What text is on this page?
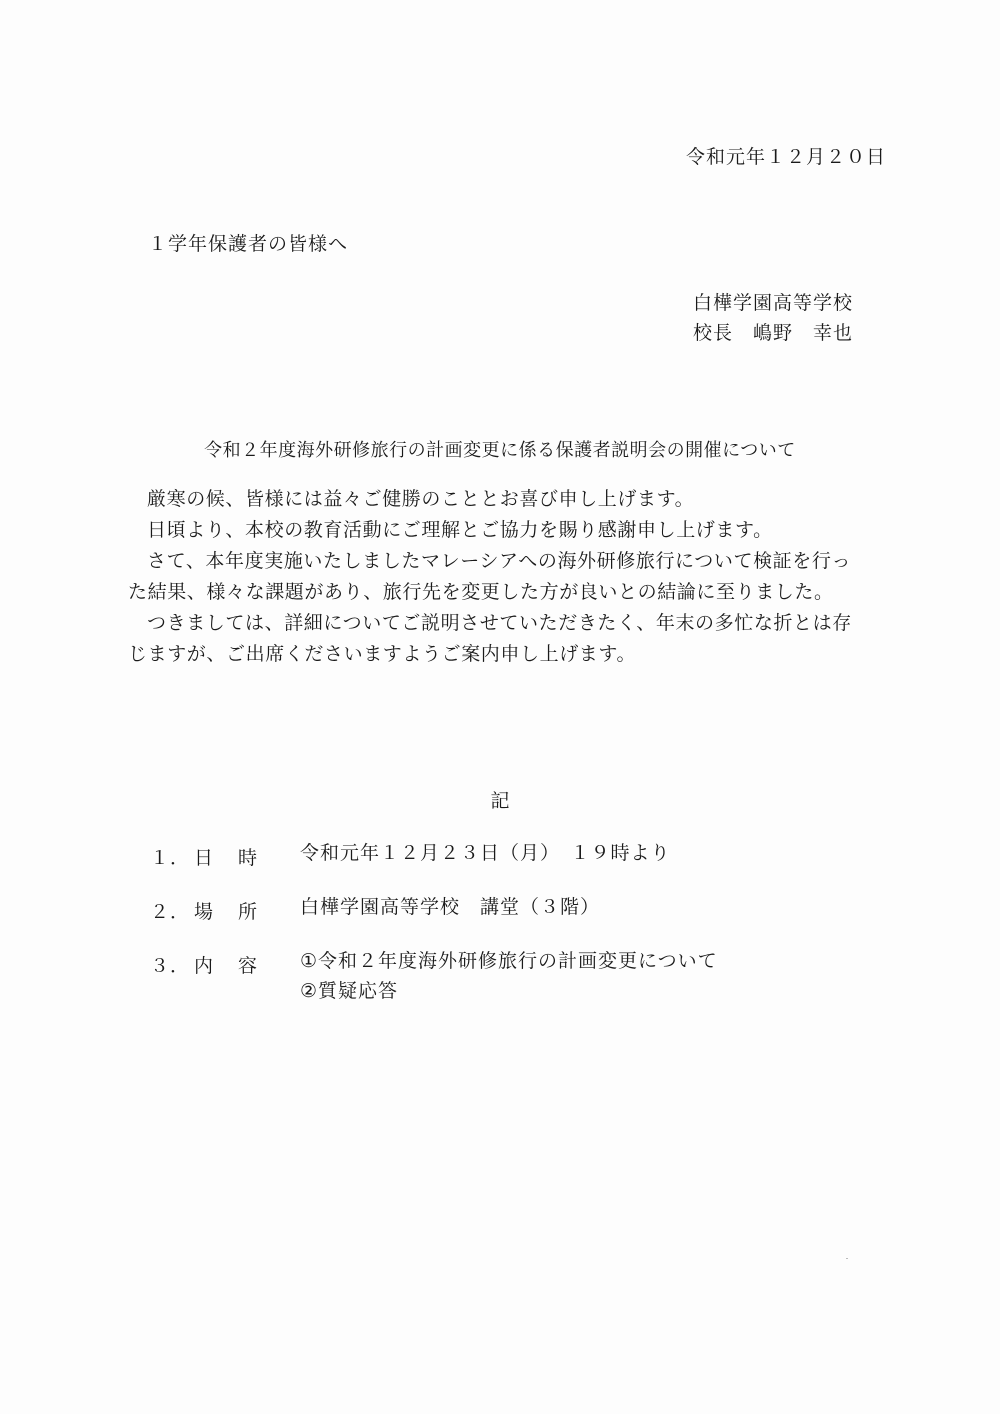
令和元年１２月２０日
１学年保護者の皆様へ
白樺学園高等学校
校長　嶋野　幸也
令和２年度海外研修旅行の計画変更に係る保護者説明会の開催について

厳寒の候、皆様には益々ご健勝のこととお喜び申し上げます。

日頃より、本校の教育活動にご理解とご協力を賜り感謝申し上げます。

さて、本年度実施いたしましたマレーシアへの海外研修旅行について検証を行っ

た結果、様々な課題があり、旅行先を変更した方が良いとの結論に至りました。

つきましては、詳細についてご説明させていただきたく、年末の多忙な折とは存

じますが、ご出席くださいますようご案内申し上げます。

記
１． 日 時 令和元年１２月２３日（月）　１９時より
２． 場 所 白樺学園高等学校　講堂（３階）
３． 内 容 ①令和２年度海外研修旅行の計画変更について
②質疑応答
